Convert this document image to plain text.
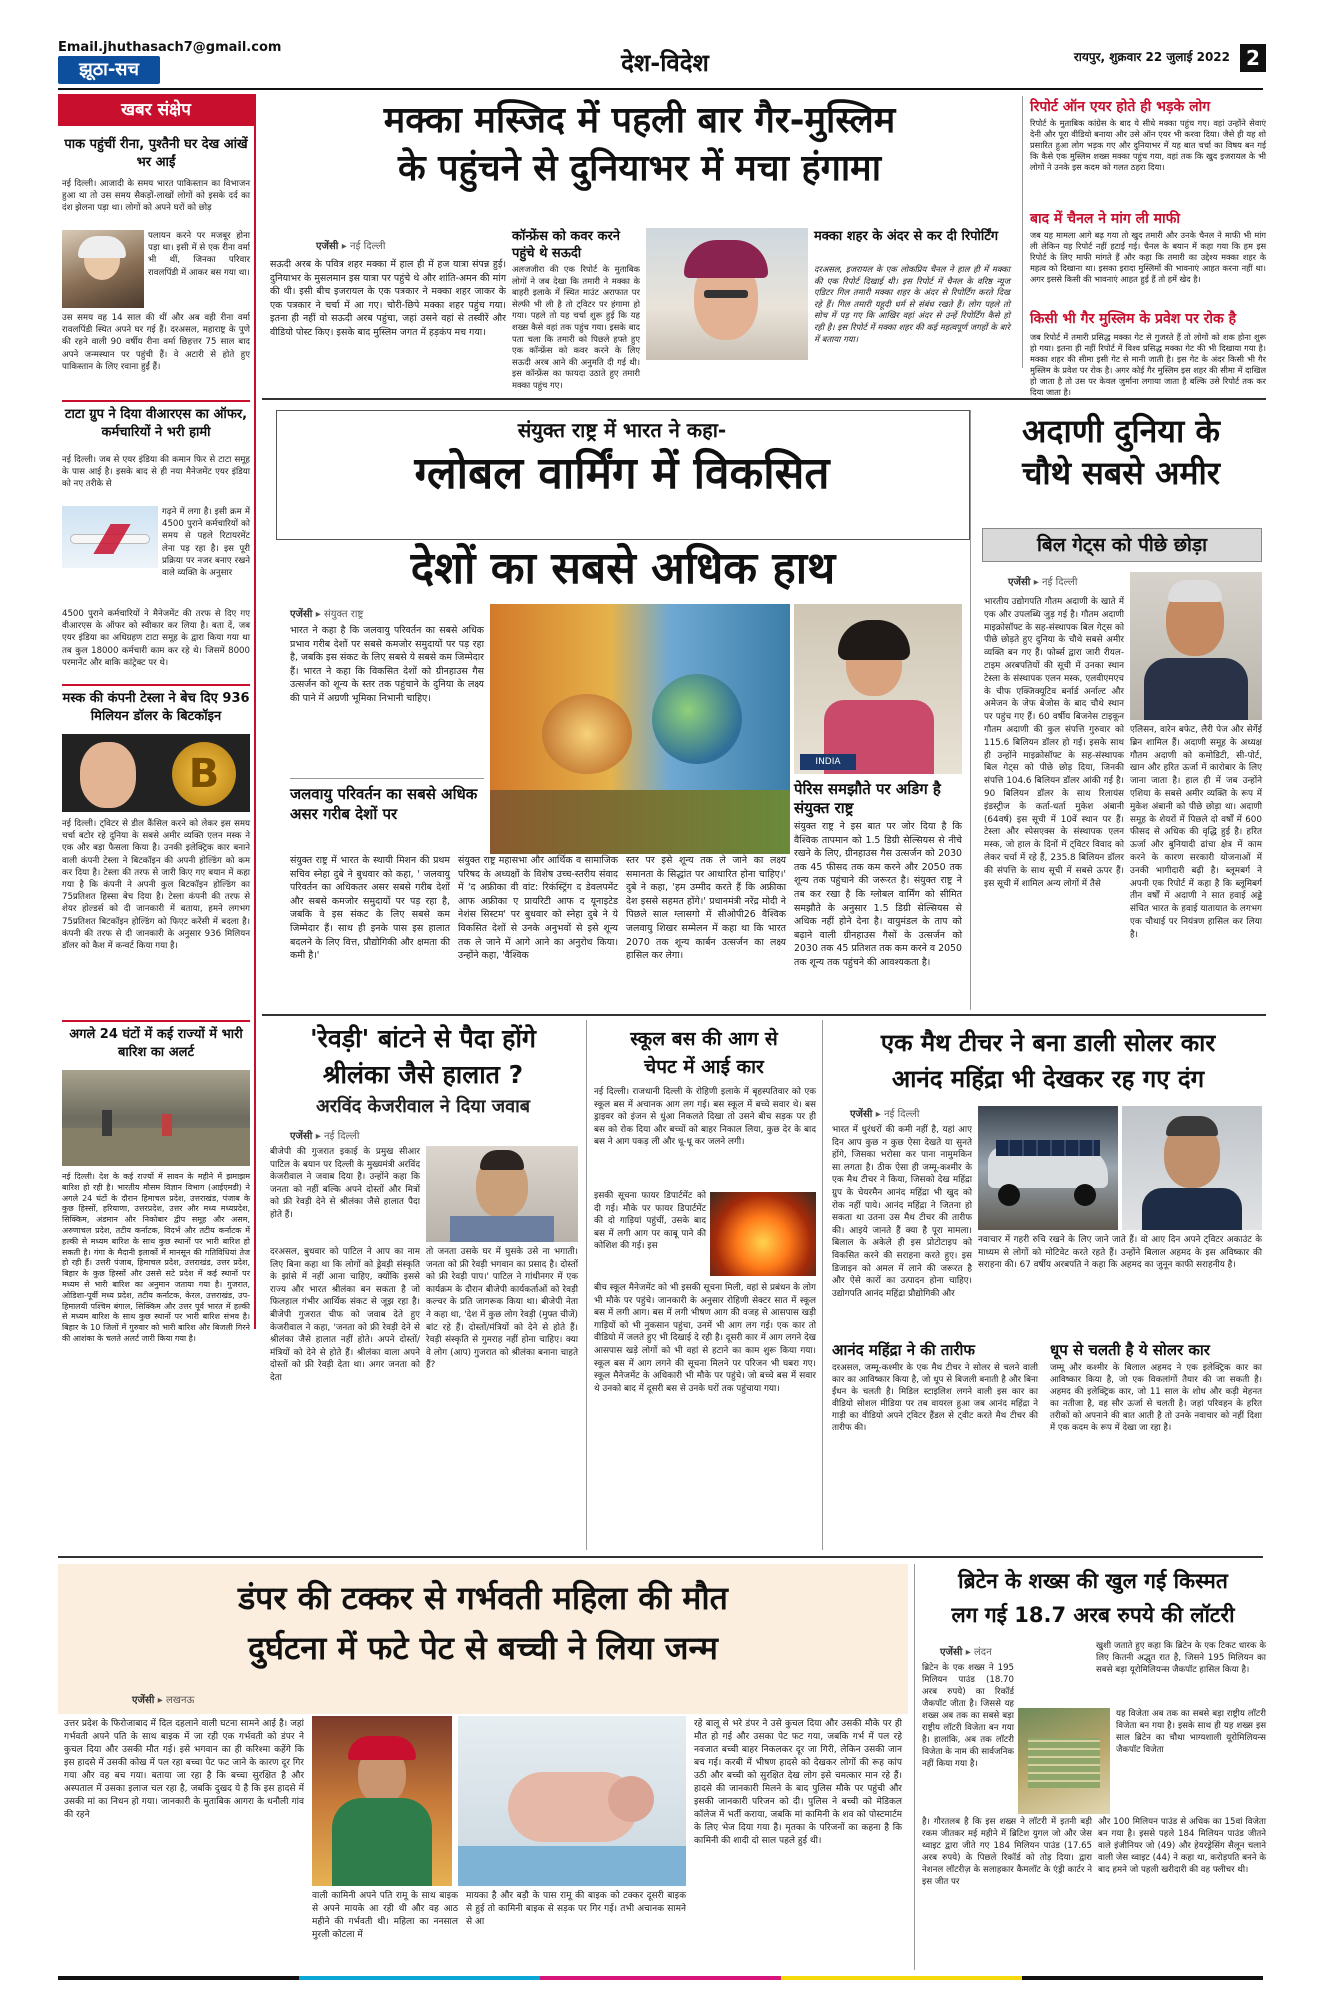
Email.jhuthasach7@gmail.com
झूठा-सच	देश-विदेश	रायपुर, शुक्रवार 22 जुलाई 2022 2
खबर संक्षेप
पाक पहुंचीं रीना, पुश्तैनी घर देख आंखें भर आईं
नई दिल्ली। आजादी के समय भारत पाकिस्तान का विभाजन हुआ था तो उस समय सैकड़ों-लाखों लोगों को इसके दर्द का दंश झेलना पड़ा था। लोगों को अपने घरों को छोड़
पलायन करने पर मजबूर होना पड़ा था। इसी में से एक रीना वर्मा भी थीं, जिनका परिवार रावलपिंडी में आकर बस गया था।
उस समय वह 14 साल की थीं और अब वही रीना वर्मा रावलपिंडी स्थित अपने घर गई हैं। दरअसल, महाराष्ट्र के पुणे की रहने वाली 90 वर्षीय रीना वर्मा छिहत्तर 75 साल बाद अपने जन्मस्थान पर पहुंची हैं। वे अटारी से होते हुए पाकिस्तान के लिए रवाना हुईं हैं।
टाटा ग्रुप ने दिया वीआरएस का ऑफर, कर्मचारियों ने भरी हामी
नई दिल्ली। जब से एयर इंडिया की कमान फिर से टाटा समूह के पास आई है। इसके बाद से ही नया मैनेजमेंट एयर इंडिया को नए तरीके से
गढ़ने में लगा है। इसी क्रम में 4500 पुराने कर्मचारियों को समय से पहले रिटायरमेंट लेना पड़ रहा है। इस पूरी प्रक्रिया पर नजर बनाए रखने वाले व्यक्ति के अनुसार
4500 पुराने कर्मचारियों ने मैनेजमेंट की तरफ से दिए गए वीआरएस के ऑफर को स्वीकार कर लिया है। बता दें, जब एयर इंडिया का अधिग्रहण टाटा समूह के द्वारा किया गया था तब कुल 18000 कर्मचारी काम कर रहे थे। जिसमें 8000 परमानेंट और बाकि कांट्रेक्ट पर थे।
मस्क की कंपनी टेस्ला ने बेच दिए 936 मिलियन डॉलर के बिटकॉइन
B
नई दिल्ली। ट्विटर से डील कैंसिल करने को लेकर इस समय चर्चा बटोर रहे दुनिया के सबसे अमीर व्यक्ति एलन मस्क ने एक और बड़ा फैसला किया है। उनकी इलेक्ट्रिक कार बनाने वाली कंपनी टेस्ला ने बिटकॉइन की अपनी होल्डिंग को कम कर दिया है। टेस्ला की तरफ से जारी किए गए बयान में कहा गया है कि कंपनी ने अपनी कुल बिटकॉइन होल्डिंग का 75प्रतिशत हिस्सा बेच दिया है। टेस्ला कंपनी की तरफ से शेयर होल्डर्स को दी जानकारी में बताया, हमने लगभग 75प्रतिशत बिटकॉइन होल्डिंग को फिएट करेंसी में बदला है। कंपनी की तरफ से दी जानकारी के अनुसार 936 मिलियन डॉलर को कैश में कन्वर्ट किया गया है।
अगले 24 घंटों में कई राज्यों में भारी बारिश का अलर्ट
नई दिल्ली। देश के कई राज्यों में सावन के महीने में झमाझम बारिश हो रही है। भारतीय मौसम विज्ञान विभाग (आईएमडी) ने अगले 24 घंटों के दौरान हिमाचल प्रदेश, उत्तराखंड, पंजाब के कुछ हिस्सों, हरियाणा, उत्तरप्रदेश, उत्तर और मध्य मध्यप्रदेश, सिक्किम, अंडमान और निकोबार द्वीप समूह और असम, अरुणाचल प्रदेश, तटीय कर्नाटक, विदर्भ और तटीय कर्नाटक में हल्की से मध्यम बारिश के साथ कुछ स्थानों पर भारी बारिश हो सकती है। गंगा के मैदानी इलाकों में मानसून की गतिविधियां तेज हो रही हैं। उत्तरी पंजाब, हिमाचल प्रदेश, उत्तराखंड, उत्तर प्रदेश, बिहार के कुछ हिस्सों और उससे सटे प्रदेश में कई स्थानों पर मध्यम से भारी बारिश का अनुमान जताया गया है। गुजरात, ओडिशा-पूर्वी मध्य प्रदेश, तटीय कर्नाटक, केरल, उत्तराखंड, उप-हिमालयी पश्चिम बंगाल, सिक्किम और उत्तर पूर्व भारत में हल्की से मध्यम बारिश के साथ कुछ स्थानों पर भारी बारिश संभव है। बिहार के 10 जिलों में गुरुवार को भारी बारिश और बिजली गिरने की आशंका के चलते अलर्ट जारी किया गया है।
मक्का मस्जिद में पहली बार गैर-मुस्लिम
के पहुंचने से दुनियाभर में मचा हंगामा
एजेंसी ▸ नई दिल्ली
सऊदी अरब के पवित्र शहर मक्का में हाल ही में हज यात्रा संपन्न हुई। दुनियाभर के मुसलमान इस यात्रा पर पहुंचे थे और शांति-अमन की मांग की थी। इसी बीच इजरायल के एक पत्रकार ने मक्का शहर जाकर के एक पत्रकार ने चर्चा में आ गए। चोरी-छिपे मक्का शहर पहुंच गया। इतना ही नहीं वो सऊदी अरब पहुंचा, जहां उसने वहां से तस्वीरें और वीडियो पोस्ट किए। इसके बाद मुस्लिम जगत में हड़कंप मच गया।
कॉन्फ्रेंस को कवर करने पहुंचे थे सऊदी
अलजजीरा की एक रिपोर्ट के मुताबिक लोगों ने जब देखा कि तमारी ने मक्का के बाहरी इलाके में स्थित माउंट अराफात पर सेल्फी भी ली है तो ट्विटर पर हंगामा हो गया। पहले तो यह चर्चा शुरू हुई कि यह शख्स कैसे वहां तक पहुंच गया। इसके बाद पता चला कि तमारी को पिछले हफ्ते हुए एक कॉन्फ्रेंस को कवर करने के लिए सऊदी अरब आने की अनुमति दी गई थी। इस कॉन्फ्रेंस का फायदा उठाते हुए तमारी मक्का पहुंच गए।
मक्का शहर के अंदर से कर दी रिपोर्टिंग
दरअसल, इजरायल के एक लोकप्रिय चैनल ने हाल ही में मक्का की एक रिपोर्ट दिखाई थी। इस रिपोर्ट में चैनल के वरिष्ठ न्यूज एडिटर गिल तमारी मक्का शहर के अंदर से रिपोर्टिंग करते दिख रहे हैं। गिल तमारी यहूदी धर्म से संबंध रखते हैं। लोग पहले तो सोच में पड़ गए कि आखिर वहां अंदर से उन्हें रिपोर्टिंग कैसे हो रही है। इस रिपोर्ट में मक्का शहर की कई महत्वपूर्ण जगहों के बारे में बताया गया।
रिपोर्ट ऑन एयर होते ही भड़के लोग
रिपोर्ट के मुताबिक कांग्रेस के बाद ये सीधे मक्का पहुंच गए। वहां उन्होंने सेवाएं देनी और पूरा वीडियो बनाया और उसे ऑन एयर भी करवा दिया। जैसे ही यह शो प्रसारित हुआ लोग भड़क गए और दुनियाभर में यह बात चर्चा का विषय बन गई कि कैसे एक मुस्लिम शख्स मक्का पहुंच गया, वहां तक कि खुद इजरायल के भी लोगों ने उनके इस कदम को गलत ठहरा दिया।
बाद में चैनल ने मांग ली माफी
जब यह मामला आगे बढ़ गया तो खुद तमारी और उनके चैनल ने माफी भी मांग ली लेकिन यह रिपोर्ट नहीं हटाई गई। चैनल के बयान में कहा गया कि हम इस रिपोर्ट के लिए माफी मांगते हैं और कहा कि तमारी का उद्देश्य मक्का शहर के महत्व को दिखाना था। इसका इरादा मुस्लिमों की भावनाएं आहत करना नहीं था। अगर इससे किसी की भावनाएं आहत हुई हैं तो हमें खेद है।
किसी भी गैर मुस्लिम के प्रवेश पर रोक है
जब रिपोर्ट में तमारी प्रसिद्ध मक्का गेट से गुजरते हैं तो लोगों को शक होना शुरू हो गया। इतना ही नहीं रिपोर्ट में विश्व प्रसिद्ध मक्का गेट की भी दिखाया गया है। मक्का शहर की सीमा इसी गेट से मानी जाती है। इस गेट के अंदर किसी भी गैर मुस्लिम के प्रवेश पर रोक है। अगर कोई गैर मुस्लिम इस शहर की सीमा में दाखिल हो जाता है तो उस पर केवल जुर्माना लगाया जाता है बल्कि उसे रिपोर्ट तक कर दिया जाता है।
संयुक्त राष्ट्र में भारत ने कहा-
ग्लोबल वार्मिंग में विकसित
देशों का सबसे अधिक हाथ
एजेंसी ▸ संयुक्त राष्ट्र
भारत ने कहा है कि जलवायु परिवर्तन का सबसे अधिक प्रभाव गरीब देशों पर सबसे कमजोर समुदायों पर पड़ रहा है, जबकि इस संकट के लिए सबसे ये सबसे कम जिम्मेदार हैं। भारत ने कहा कि विकसित देशों को ग्रीनहाउस गैस उत्सर्जन को शून्य के स्तर तक पहुंचाने के दुनिया के लक्ष्य की पाने में अग्रणी भूमिका निभानी चाहिए।
जलवायु परिवर्तन का सबसे अधिक असर गरीब देशों पर
INDIA
पेरिस समझौते पर अडिग है संयुक्त राष्ट्र
संयुक्त राष्ट्र में भारत के स्थायी मिशन की प्रथम सचिव स्नेहा दुबे ने बुधवार को कहा, ' जलवायु परिवर्तन का अधिकतर असर सबसे गरीब देशों और सबसे कमजोर समुदायों पर पड़ रहा है, जबकि वे इस संकट के लिए सबसे कम जिम्मेदार हैं। साथ ही इनके पास इस हालात बदलने के लिए वित्त, प्रौद्योगिकी और क्षमता की कमी है।'
संयुक्त राष्ट्र महासभा और आर्थिक व सामाजिक परिषद के अध्यक्षों के विशेष उच्च-स्तरीय संवाद में 'द अफ्रीका वी वांट: रिकंस्ट्रिंग द डेवलपमेंट आफ अफ्रीका ए प्रायरिटी आफ द यूनाइटेड नेशंस सिस्टम' पर बुधवार को स्नेहा दुबे ने ये विकसित देशों से उनके अनुभवों से इसे शून्य तक ले जाने में आगे आने का अनुरोध किया। उन्होंने कहा, 'वैश्विक
स्तर पर इसे शून्य तक ले जाने का लक्ष्य समानता के सिद्धांत पर आधारित होना चाहिए।' दुबे ने कहा, 'हम उम्मीद करते हैं कि अफ्रीका देश इससे सहमत होंगे।' प्रधानमंत्री नरेंद्र मोदी ने पिछले साल ग्लासगो में सीओपी26 वैश्विक जलवायु शिखर सम्मेलन में कहा था कि भारत 2070 तक शून्य कार्बन उत्सर्जन का लक्ष्य हासिल कर लेगा।
संयुक्त राष्ट्र ने इस बात पर जोर दिया है कि वैश्विक तापमान को 1.5 डिग्री सेल्सियस से नीचे रखने के लिए, ग्रीनहाउस गैस उत्सर्जन को 2030 तक 45 फीसद तक कम करने और 2050 तक शून्य तक पहुंचाने की जरूरत है। संयुक्त राष्ट्र ने तब कर रखा है कि ग्लोबल वार्मिंग को सीमित समझौते के अनुसार 1.5 डिग्री सेल्सियस से अधिक नहीं होने देना है। वायुमंडल के ताप को बढ़ाने वाली ग्रीनहाउस गैसों के उत्सर्जन को 2030 तक 45 प्रतिशत तक कम करने व 2050 तक शून्य तक पहुंचने की आवश्यकता है।
अदाणी दुनिया के
चौथे सबसे अमीर
बिल गेट्स को पीछे छोड़ा
एजेंसी ▸ नई दिल्ली
भारतीय उद्योगपति गौतम अदाणी के खाते में एक और उपलब्धि जुड़ गई है। गौतम अदाणी माइक्रोसॉफ्ट के सह-संस्थापक बिल गेट्स को पीछे छोड़ते हुए दुनिया के चौथे सबसे अमीर व्यक्ति बन गए हैं। फोर्ब्स द्वारा जारी रीयल-टाइम अरबपतियों की सूची में उनका स्थान टेस्ला के संस्थापक एलन मस्क, एलवीएमएच के चीफ एक्जिक्यूटिव बर्नार्ड अर्नाल्ट और अमेजन के जेफ बेजोस के बाद चौथे स्थान पर पहुंच गए हैं। 60 वर्षीय बिजनेस टाइकून गौतम अदाणी की कुल संपत्ति गुरुवार को 115.6 बिलियन डॉलर हो गई। इसके साथ ही उन्होंने माइक्रोसॉफ्ट के सह-संस्थापक बिल गेट्स को पीछे छोड़ दिया, जिनकी संपत्ति 104.6 बिलियन डॉलर आंकी गई है। 90 बिलियन डॉलर के साथ रिलायंस इंडस्ट्रीज के कर्ता-धर्ता मुकेश अंबानी (64वर्ष) इस सूची में 10वें स्थान पर हैं। टेस्ला और स्पेसएक्स के संस्थापक एलन मस्क, जो हाल के दिनों में ट्विटर विवाद को लेकर चर्चा में रहे हैं, 235.8 बिलियन डॉलर की संपत्ति के साथ सूची में सबसे ऊपर हैं। इस सूची में शामिल अन्य लोगों में तैसे
एलिसन, वारेन बफेट, लैरी पेज और सेर्गेई ब्रिन शामिल हैं। अदाणी समूह के अध्यक्ष गौतम अदाणी को कमोडिटी, सी-पोर्ट, खान और हरित ऊर्जा में कारोबार के लिए जाना जाता है। हाल ही में जब उन्होंने एशिया के सबसे अमीर व्यक्ति के रूप में मुकेश अंबानी को पीछे छोड़ा था। अदाणी समूह के शेयरों में पिछले दो वर्षों में 600 फीसद से अधिक की वृद्धि हुई है। हरित ऊर्जा और बुनियादी ढांचा क्षेत्र में काम करने के कारण सरकारी योजनाओं में उनकी भागीदारी बढ़ी है। ब्लूमबर्ग ने अपनी एक रिपोर्ट में कहा है कि ब्लूमिबर्ग तीन वर्षों में अदाणी ने सात हवाई अड्डे संचित भारत के हवाई यातायात के लगभग एक चौथाई पर नियंत्रण हासिल कर लिया है।
'रेवड़ी' बांटने से पैदा होंगे
श्रीलंका जैसे हालात ?
अरविंद केजरीवाल ने दिया जवाब
एजेंसी ▸ नई दिल्ली
बीजेपी की गुजरात इकाई के प्रमुख सीआर पाटिल के बयान पर दिल्ली के मुख्यमंत्री अरविंद केजरीवाल ने जवाब दिया है। उन्होंने कहा कि जनता को नहीं बल्कि अपने दोस्तों और मित्रों को फ्री रेवड़ी देने से श्रीलंका जैसे हालात पैदा होते हैं।
दरअसल, बुधवार को पाटिल ने आप का नाम लिए बिना कहा था कि लोगों को ड्रेवड़ी संस्कृति के झांसे में नहीं आना चाहिए, क्योंकि इससे राज्य और भारत श्रीलंका बन सकता है जो फिलहाल गंभीर आर्थिक संकट से जूझ रहा है। बीजेपी गुजरात चीफ को जवाब देते हुए केजरीवाल ने कहा, 'जनता को फ्री रेवड़ी देने से श्रीलंका जैसे हालात नहीं होते। अपने दोस्तों/मंत्रियों को देने से होते हैं। श्रीलंका वाला अपने दोस्तों को फ्री रेवड़ी देता था। अगर जनता को देता
तो जनता उसके घर में घुसके उसे ना भगाती। जनता को फ्री रेवड़ी भगवान का प्रसाद है। दोस्तों को फ्री रेवड़ी पाप।' पाटिल ने गांधीनगर में एक कार्यक्रम के दौरान बीजेपी कार्यकर्ताओं को रेवड़ी कल्चर के प्रति जागरूक किया था। बीजेपी नेता ने कहा था, 'देश में कुछ लोग रेवड़ी (मुफ्त चीजें) बांट रहे हैं। दोस्तों/मंत्रियों को देने से होते हैं। रेवड़ी संस्कृति से गुमराह नहीं होना चाहिए। क्या वे लोग (आप) गुजरात को श्रीलंका बनाना चाहते हैं?
स्कूल बस की आग से
चेपट में आई कार
नई दिल्ली। राजधानी दिल्ली के रोहिणी इलाके में बृहस्पतिवार को एक स्कूल बस में अचानक आग लग गई। बस स्कूल में बच्चे सवार थे। बस ड्राइवर को इंजन से धुंआ निकलते दिखा तो उसने बीच सड़क पर ही बस को रोक दिया और बच्चों को बाहर निकाल लिया, कुछ देर के बाद बस ने आग पकड़ ली और धू-धू कर जलने लगी।
इसकी सूचना फायर डिपार्टमेंट को दी गई। मौके पर फायर डिपार्टमेंट की दो गाड़ियां पहुंचीं, उसके बाद बस में लगी आग पर काबू पाने की कोशिश की गई। इस
बीच स्कूल मैनेजमेंट को भी इसकी सूचना मिली, वहां से प्रबंधन के लोग भी मौके पर पहुंचे। जानकारी के अनुसार रोहिणी सेक्टर सात में स्कूल बस में लगी आग। बस में लगी भीषण आग की वजह से आसपास खड़ी गाड़ियों को भी नुकसान पहुंचा, उनमें भी आग लग गई। एक कार तो वीडियो में जलते हुए भी दिखाई दे रही है। दूसरी कार में आग लगने देख आसपास खड़े लोगों को भी वहां से हटाने का काम शुरू किया गया। स्कूल बस में आग लगने की सूचना मिलने पर परिजन भी घबरा गए। स्कूल मैनेजमेंट के अधिकारी भी मौके पर पहुंचे। जो बच्चे बस में सवार थे उनको बाद में दूसरी बस से उनके घरों तक पहुंचाया गया।
एक मैथ टीचर ने बना डाली सोलर कार
आनंद महिंद्रा भी देखकर रह गए दंग
एजेंसी ▸ नई दिल्ली
भारत में धुरंधरों की कमी नहीं है, यहां आए दिन आप कुछ न कुछ ऐसा देखते या सुनते होंगे, जिसका भरोसा कर पाना नामुमकिन सा लगता है। ठीक ऐसा ही जम्मू-कश्मीर के एक मैथ टीचर ने किया, जिसको देख महिंद्रा ग्रुप के चेयरमैन आनंद महिंद्रा भी खुद को रोक नहीं पाये। आनंद महिंद्रा ने जितना हो सकता था उतना उस मैथ टीचर की तारीफ की। आइये जानते हैं क्या है पूरा मामला। बिलाल के अकेले ही इस प्रोटोटाइप को विकसित करने की सराहना करते हुए। इस डिजाइन को अमल में लाने की जरूरत है और ऐसे कारों का उत्पादन होना चाहिए। उद्योगपति आनंद महिंद्रा प्रौद्योगिकी और
नवाचार में गहरी रुचि रखने के लिए जाने जाते हैं। वो आए दिन अपने ट्विटर अकाउंट के माध्यम से लोगों को मोटिवेट करते रहते हैं। उन्होंने बिलाल अहमद के इस अविष्कार की सराहना की। 67 वर्षीय अरबपति ने कहा कि अहमद का जुनून काफी सराहनीय है।
आनंद महिंद्रा ने की तारीफ
दरअसल, जम्मू-कश्मीर के एक मैथ टीचर ने सोलर से चलने वाली कार का आविष्कार किया है, जो धूप से बिजली बनाती है और बिना ईंधन के चलती है। मिडिल स्टाइलिश लगने वाली इस कार का वीडियो सोशल मीडिया पर तब वायरल हुआ जब आनंद महिंद्रा ने गाड़ी का वीडियो अपने ट्विटर हैंडल से ट्वीट करते मैथ टीचर की तारीफ की।
धूप से चलती है ये सोलर कार
जम्मू और कश्मीर के बिलाल अहमद ने एक इलेक्ट्रिक कार का आविष्कार किया है, जो एक विकलांगों तैयार की जा सकती है। अहमद की इलेक्ट्रिक कार, जो 11 साल के शोध और कड़ी मेहनत का नतीजा है, वह सौर ऊर्जा से चलती है। जहां परिवहन के हरित तरीकों को अपनाने की बात आती है तो उनके नवाचार को नहीं दिशा में एक कदम के रूप में देखा जा रहा है।
डंपर की टक्कर से गर्भवती महिला की मौत
दुर्घटना में फटे पेट से बच्ची ने लिया जन्म
एजेंसी ▸ लखनऊ
उत्तर प्रदेश के फिरोजाबाद में दिल दहलाने वाली घटना सामने आई है। जहां गर्भवती अपने पति के साथ बाइक में जा रही एक गर्भवती को डंपर ने कुचल दिया और उसकी मौत गई। इसे भगवान का ही करिश्मा कहेंगे कि इस हादसे में उसकी कोख में पल रहा बच्चा पेट फट जाने के कारण दूर गिर गया और वह बच गया। बताया जा रहा है कि बच्चा सुरक्षित है और अस्पताल में उसका इलाज चल रहा है, जबकि दुखद ये है कि इस हादसे में उसकी मां का निधन हो गया। जानकारी के मुताबिक आगरा के धनौली गांव की रहने
वाली कामिनी अपने पति रामू के साथ बाइक से अपने मायके आ रही थी और वह आठ महीने की गर्भवती थी। महिला का ननसाल मुरली कोटला में
मायका है और बड़ौ के पास रामू की बाइक को टक्कर दूसरी बाइक से हुई तो कामिनी बाइक से सड़क पर गिर गई। तभी अचानक सामने से आ
रहे बालू से भरे डंपर ने उसे कुचल दिया और उसकी मौके पर ही मौत हो गई और उसका पेट फट गया, जबकि गर्भ में पल रहे नवजात बच्ची बाहर निकलकर दूर जा गिरी, लेकिन उसकी जान बच गई। करबी में भीषण हादसे को देखकर लोगों की रूह कांप उठी और बच्ची को सुरक्षित देख लोग इसे चमत्कार मान रहे हैं। हादसे की जानकारी मिलने के बाद पुलिस मौके पर पहुंची और इसकी जानकारी परिजन को दी। पुलिस ने बच्ची को मेडिकल कॉलेज में भर्ती कराया, जबकि मां कामिनी के शव को पोस्टमार्टम के लिए भेज दिया गया है। मृतका के परिजनों का कहना है कि कामिनी की शादी दो साल पहले हुई थी।
ब्रिटेन के शख्स की खुल गई किस्मत
लग गई 18.7 अरब रुपये की लॉटरी
एजेंसी ▸ लंदन
खुशी जताते हुए कहा कि ब्रिटेन के एक टिकट धारक के लिए कितनी अद्भुत रात है, जिसने 195 मिलियन का सबसे बड़ा यूरोमिलियन्स जैकपॉट हासिल किया है।
ब्रिटेन के एक शख्स ने 195 मिलियन पाउंड (18.70 अरब रुपये) का रिकॉर्ड जैकपॉट जीता है। जिससे यह शख्स अब तक का सबसे बड़ा राष्ट्रीय लॉटरी विजेता बन गया है। हालांकि, अब तक लॉटरी विजेता के नाम की सार्वजनिक नहीं किया गया है।
यह विजेता अब तक का सबसे बड़ा राष्ट्रीय लॉटरी विजेता बन गया है। इसके साथ ही यह शख्स इस साल ब्रिटेन का चौथा भाग्यशाली यूरोमिलियन्स जैकपॉट विजेता
है। गौरतलब है कि इस शख्स ने लॉटरी में इतनी बड़ी रकम जीतकर मई महीने में ब्रिटिश युगल जो और जेस थ्वाइट द्वारा जीते गए 184 मिलियन पाउंड (17.65 अरब रुपये) के पिछले रिकॉर्ड को तोड़ दिया। द्वारा नेशनल लॉटरीज़ के सलाहकार कैमलॉट के एंड्री कार्टर ने इस जीत पर
और 100 मिलियन पाउंड से अधिक का 15वां विजेता बन गया है। इससे पहले 184 मिलियन पाउंड जीतने वाले इंजीनियर जो (49) और हेयरड्रेसिंग सैलून चलाने वाली जेस थ्वाइट (44) ने कहा था, करोड़पति बनने के बाद हमने जो पहली खरीदारी की वह फ्लीचर थी।
